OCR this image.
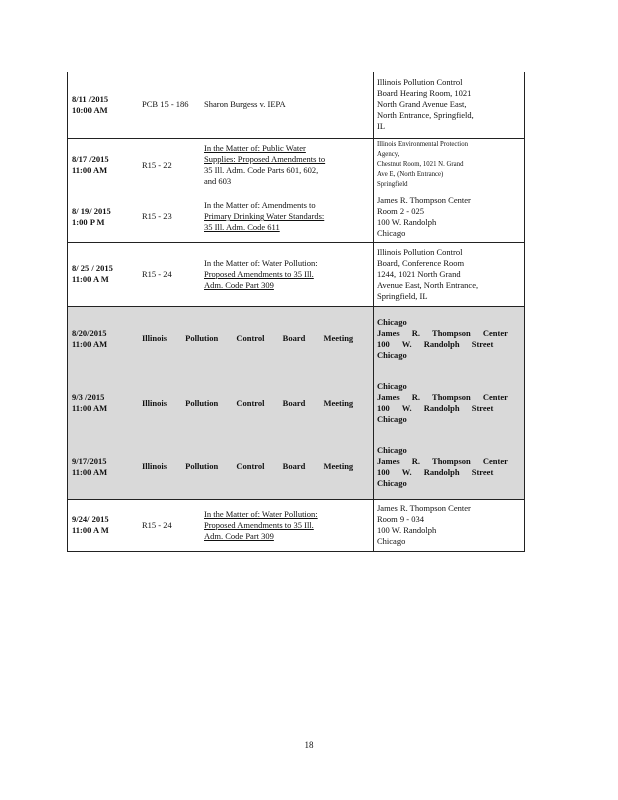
8/11 /2015
10:00 AM	PCB 15 - 186	Sharon Burgess v. IEPA	Illinois Pollution Control
Board Hearing Room, 1021
North Grand Avenue East,
North Entrance, Springfield,
IL

8/17 /2015
11:00 AM	R15 - 22	In the Matter of: Public Water
Supplies: Proposed Amendments to
35 Ill. Adm. Code Parts 601, 602,
and 603	Illinois Environmental Protection
Agency,
Chestnut Room, 1021 N. Grand
Ave E, (North Entrance)
Springfield

8/ 19/ 2015
1:00 P M	R15 - 23	In the Matter of: Amendments to
Primary Drinking Water Standards:
35 Ill. Adm. Code 611	James R. Thompson Center
Room 2 - 025
100 W. Randolph
Chicago

8/ 25 / 2015
11:00 A M	R15 - 24	In the Matter of: Water Pollution:
Proposed Amendments to 35 Ill.
Adm. Code Part 309	Illinois Pollution Control
Board, Conference Room
1244, 1021 North Grand
Avenue East, North Entrance,
Springfield, IL

8/20/2015
11:00 AM	Illinois Pollution Control Board Meeting		Chicago
James R. Thompson Center
100 W. Randolph Street
Chicago

9/3 /2015
11:00 AM	Illinois Pollution Control Board Meeting		Chicago
James R. Thompson Center
100 W. Randolph Street
Chicago

9/17/2015
11:00 AM	Illinois Pollution Control Board Meeting		Chicago
James R. Thompson Center
100 W. Randolph Street
Chicago

9/24/ 2015
11:00 A M	R15 - 24	In the Matter of: Water Pollution:
Proposed Amendments to 35 Ill.
Adm. Code Part 309	James R. Thompson Center
Room 9 - 034
100 W. Randolph
Chicago
18
